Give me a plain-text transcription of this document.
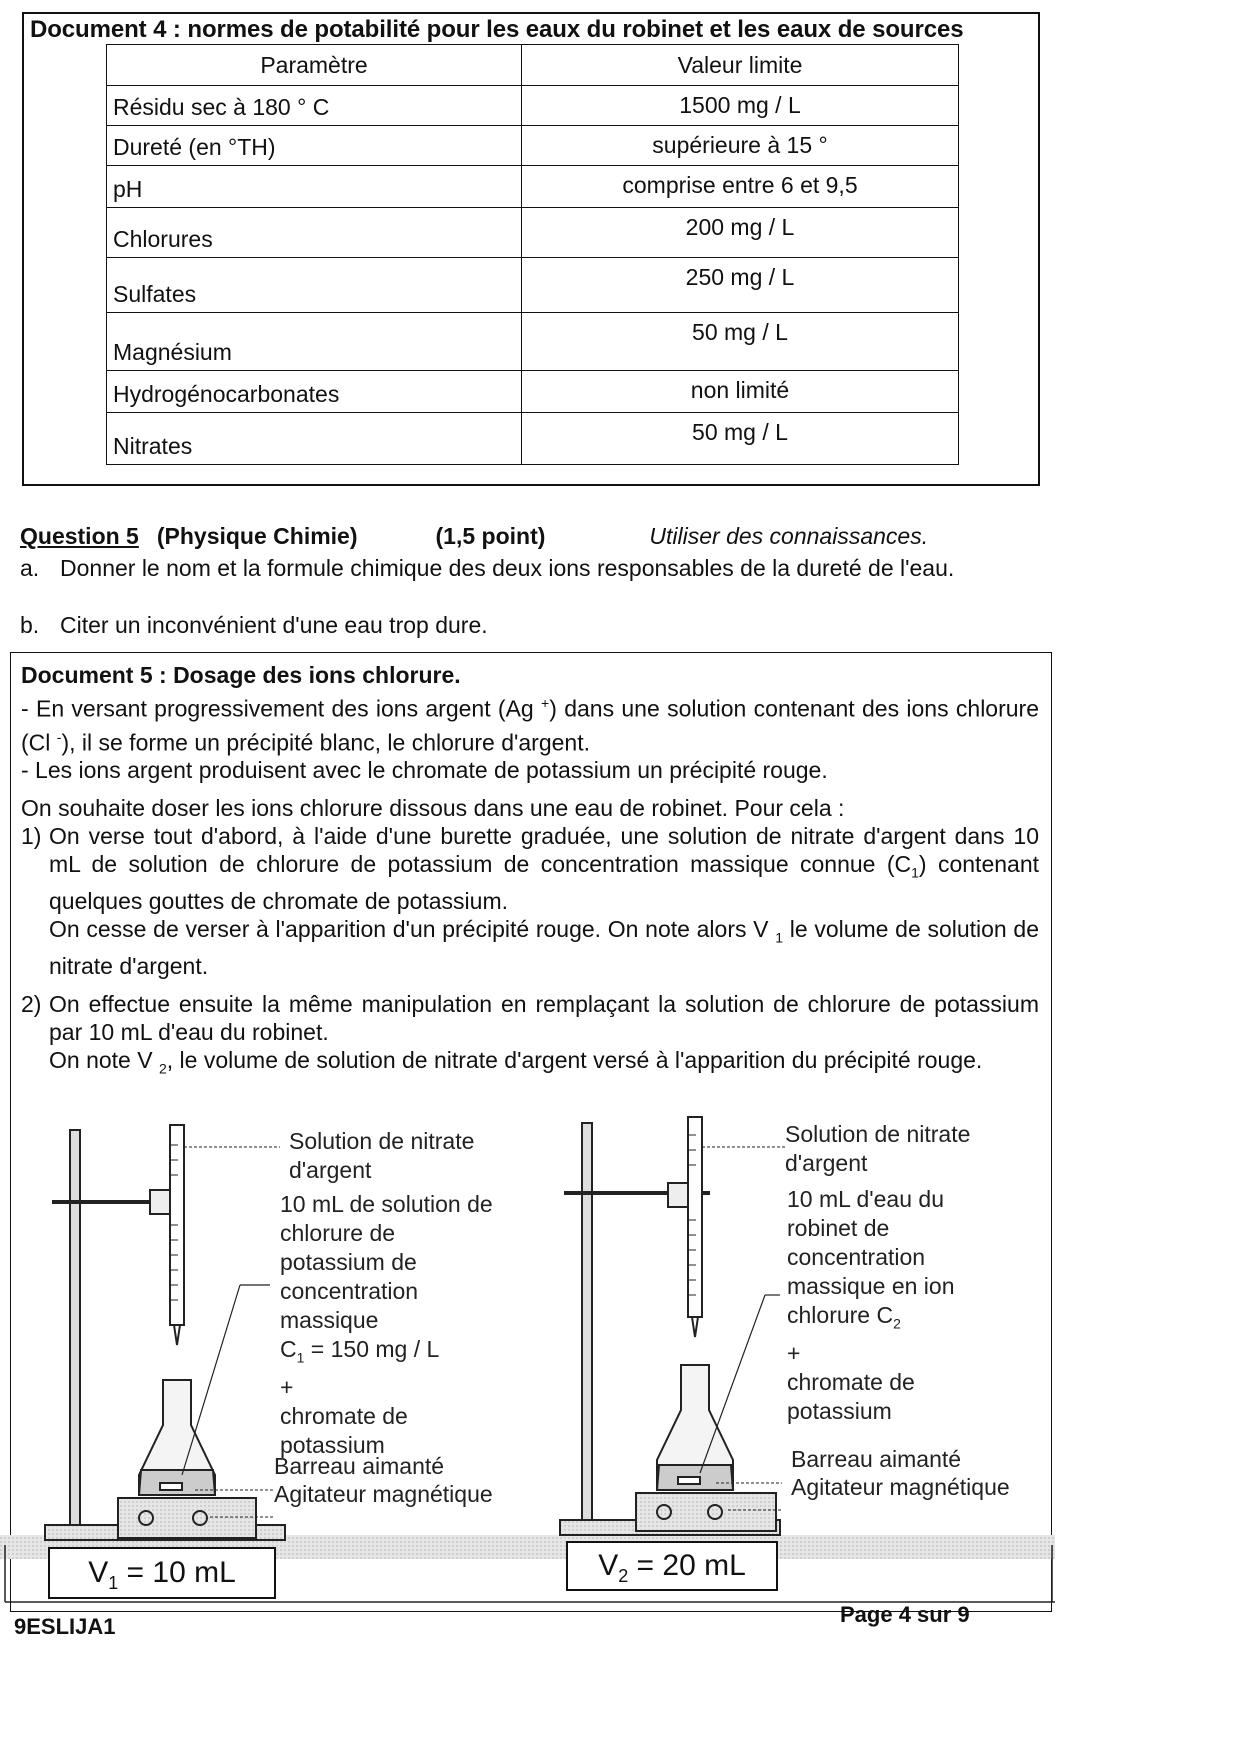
Document 4 : normes de potabilité pour les eaux du robinet et les eaux de sources
Paramètre	Valeur limite
Résidu sec à 180 ° C	1500 mg / L
Dureté (en °TH)	supérieure à 15 °
pH	comprise entre 6 et 9,5
Chlorures	200 mg / L
Sulfates	250 mg / L
Magnésium	50 mg / L
Hydrogénocarbonates	non limité
Nitrates	50 mg / L
Question 5 (Physique Chimie)	(1,5 point)	Utiliser des connaissances.
a. Donner le nom et la formule chimique des deux ions responsables de la dureté de l'eau.
b. Citer un inconvénient d'une eau trop dure.
Document 5 : Dosage des ions chlorure.

- En versant progressivement des ions argent (Ag +) dans une solution contenant des ions chlorure (Cl -), il se forme un précipité blanc, le chlorure d'argent.

- Les ions argent produisent avec le chromate de potassium un précipité rouge.

On souhaite doser les ions chlorure dissous dans une eau de robinet. Pour cela :

1) On verse tout d'abord, à l'aide d'une burette graduée, une solution de nitrate d'argent dans 10 mL de solution de chlorure de potassium de concentration massique connue $(C_1)$ contenant quelques gouttes de chromate de potassium.

On cesse de verser à l'apparition d'un précipité rouge. On note alors V $_1$ le volume de solution de nitrate d'argent.

2) On effectue ensuite la même manipulation en remplaçant la solution de chlorure de potassium par 10 mL d'eau du robinet.

On note V $_2$, le volume de solution de nitrate d'argent versé à l'apparition du précipité rouge.

Solution de nitrate
d'argent
10 mL de solution de
chlorure de
potassium de
concentration
massique
$C_1 = 150$ mg / L
+
chromate de
potassium
Barreau aimanté
Agitateur magnétique
$V_1 = 10$ mL
Solution de nitrate
d'argent
10 mL d'eau du
robinet de
concentration
massique en ion
chlorure $C_2$
+
chromate de
potassium
Barreau aimanté
Agitateur magnétique
$V_2 = 20$ mL
9ESLIJA1	Page 4 sur 9
